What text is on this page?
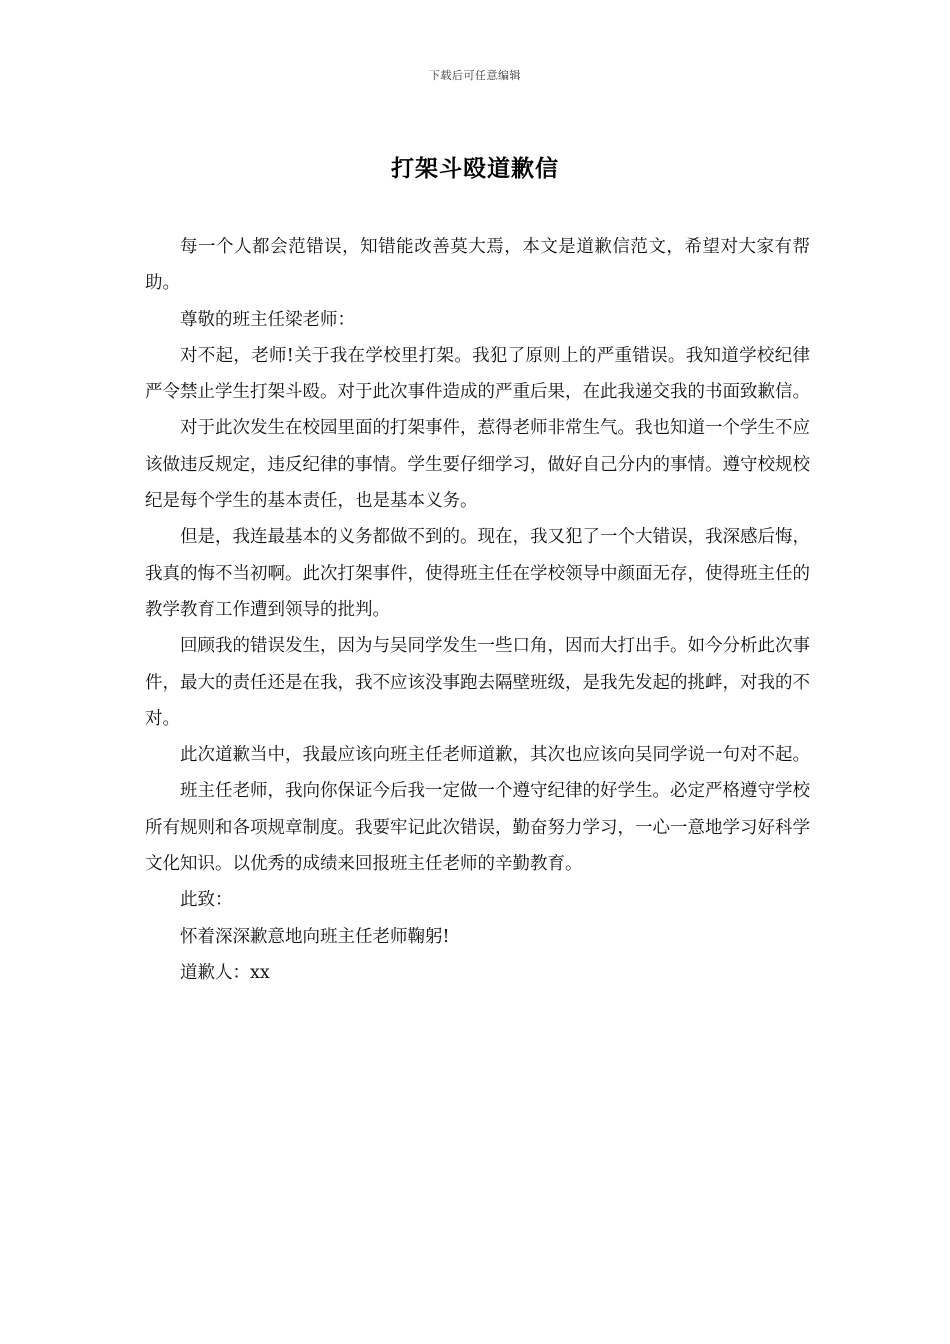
下载后可任意编辑
打架斗殴道歉信

每一个人都会范错误，知错能改善莫大焉，本文是道歉信范文，希望对大家有帮助。

尊敬的班主任梁老师：

对不起，老师!关于我在学校里打架。我犯了原则上的严重错误。我知道学校纪律严令禁止学生打架斗殴。对于此次事件造成的严重后果，在此我递交我的书面致歉信。

对于此次发生在校园里面的打架事件，惹得老师非常生气。我也知道一个学生不应该做违反规定，违反纪律的事情。学生要仔细学习，做好自己分内的事情。遵守校规校纪是每个学生的基本责任，也是基本义务。

但是，我连最基本的义务都做不到的。现在，我又犯了一个大错误，我深感后悔，我真的悔不当初啊。此次打架事件，使得班主任在学校领导中颜面无存，使得班主任的教学教育工作遭到领导的批判。

回顾我的错误发生，因为与吴同学发生一些口角，因而大打出手。如今分析此次事件，最大的责任还是在我，我不应该没事跑去隔壁班级，是我先发起的挑衅，对我的不对。

此次道歉当中，我最应该向班主任老师道歉，其次也应该向吴同学说一句对不起。

班主任老师，我向你保证今后我一定做一个遵守纪律的好学生。必定严格遵守学校所有规则和各项规章制度。我要牢记此次错误，勤奋努力学习，一心一意地学习好科学文化知识。以优秀的成绩来回报班主任老师的辛勤教育。

此致：

怀着深深歉意地向班主任老师鞠躬!

道歉人：xx
